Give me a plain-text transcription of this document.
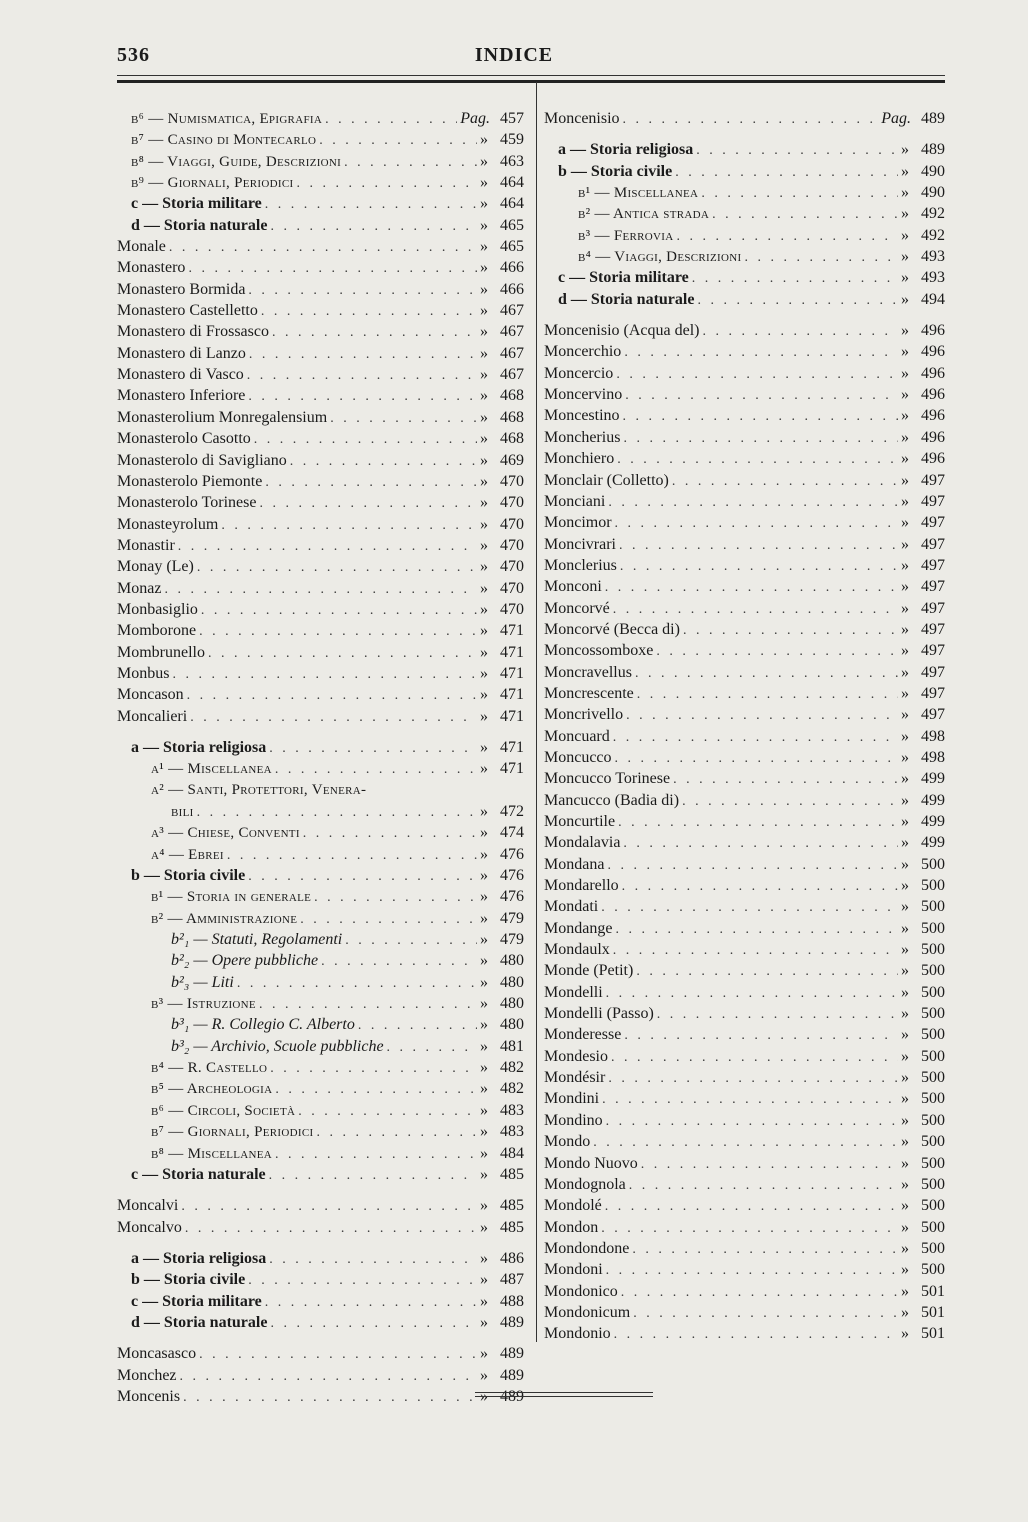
536	INDICE
b⁶ — Numismatica, Epigrafia . . .	Pag. 457
b⁷ — Casino di Montecarlo . . .	» 459
b⁸ — Viaggi, Guide, Descrizioni . . .	» 463
b⁹ — Giornali, Periodici . . .	» 464
c — Storia militare . . .	» 464
d — Storia naturale . . .	» 465
Monale . . .	» 465
Monastero . . .	» 466
Monastero Bormida . . .	» 466
Monastero Castelletto . . .	» 467
Monastero di Frossasco . . .	» 467
Monastero di Lanzo . . .	» 467
Monastero di Vasco . . .	» 467
Monastero Inferiore . . .	» 468
Monasterolium Monregalensium . . .	» 468
Monasterolo Casotto . . .	» 468
Monasterolo di Savigliano . . .	» 469
Monasterolo Piemonte . . .	» 470
Monasterolo Torinese . . .	» 470
Monasteyrolum . . .	» 470
Monastir . . .	» 470
Monay (Le) . . .	» 470
Monaz . . .	» 470
Monbasiglio . . .	» 470
Momborone . . .	» 471
Mombrunello . . .	» 471
Monbus . . .	» 471
Moncason . . .	» 471
Moncalieri . . .	» 471
a — Storia religiosa . . .	» 471
a¹ — Miscellanea . . .	» 471
a² — Santi, Protettori, Venera-
bili . . .	» 472
a³ — Chiese, Conventi . . .	» 474
a⁴ — Ebrei . . .	» 476
b — Storia civile . . .	» 476
b¹ — Storia in generale . . .	» 476
b² — Amministrazione . . .	» 479
b²₁ — Statuti, Regolamenti . . .	» 479
b²₂ — Opere pubbliche . . .	» 480
b²₃ — Liti . . .	» 480
b³ — Istruzione . . .	» 480
b³₁ — R. Collegio C. Alberto . . .	» 480
b³₂ — Archivio, Scuole pubbliche . . .	» 481
b⁴ — R. Castello . . .	» 482
b⁵ — Archeologia . . .	» 482
b⁶ — Circoli, Società . . .	» 483
b⁷ — Giornali, Periodici . . .	» 483
b⁸ — Miscellanea . . .	» 484
c — Storia naturale . . .	» 485
Moncalvi . . .	» 485
Moncalvo . . .	» 485
a — Storia religiosa . . .	» 486
b — Storia civile . . .	» 487
c — Storia militare . . .	» 488
d — Storia naturale . . .	» 489
Moncasasco . . .	» 489
Monchez . . .	» 489
Moncenis . . .	» 489
Moncenisio . . .	Pag. 489
a — Storia religiosa . . .	» 489
b — Storia civile . . .	» 490
b¹ — Miscellanea . . .	» 490
b² — Antica strada . . .	» 492
b³ — Ferrovia . . .	» 492
b⁴ — Viaggi, Descrizioni . . .	» 493
c — Storia militare . . .	» 493
d — Storia naturale . . .	» 494
Moncenisio (Acqua del) . . .	» 496
Moncerchio . . .	» 496
Moncercio . . .	» 496
Moncervino . . .	» 496
Moncestino . . .	» 496
Moncherius . . .	» 496
Monchiero . . .	» 496
Monclair (Colletto) . . .	» 497
Monciani . . .	» 497
Moncimor . . .	» 497
Moncivrari . . .	» 497
Monclerius . . .	» 497
Monconi . . .	» 497
Moncorvé . . .	» 497
Moncorvé (Becca di) . . .	» 497
Moncossomboxe . . .	» 497
Moncravellus . . .	» 497
Moncrescente . . .	» 497
Moncrivello . . .	» 497
Moncuard . . .	» 498
Moncucco . . .	» 498
Moncucco Torinese . . .	» 499
Mancucco (Badia di) . . .	» 499
Moncurtile . . .	» 499
Mondalavia . . .	» 499
Mondana . . .	» 500
Mondarello . . .	» 500
Mondati . . .	» 500
Mondange . . .	» 500
Mondaulx . . .	» 500
Monde (Petit) . . .	» 500
Mondelli . . .	» 500
Mondelli (Passo) . . .	» 500
Monderesse . . .	» 500
Mondesio . . .	» 500
Mondésir . . .	» 500
Mondini . . .	» 500
Mondino . . .	» 500
Mondo . . .	» 500
Mondo Nuovo . . .	» 500
Mondognola . . .	» 500
Mondolé . . .	» 500
Mondon . . .	» 500
Mondondone . . .	» 500
Mondoni . . .	» 500
Mondonico . . .	» 501
Mondonicum . . .	» 501
Mondonio . . .	» 501
